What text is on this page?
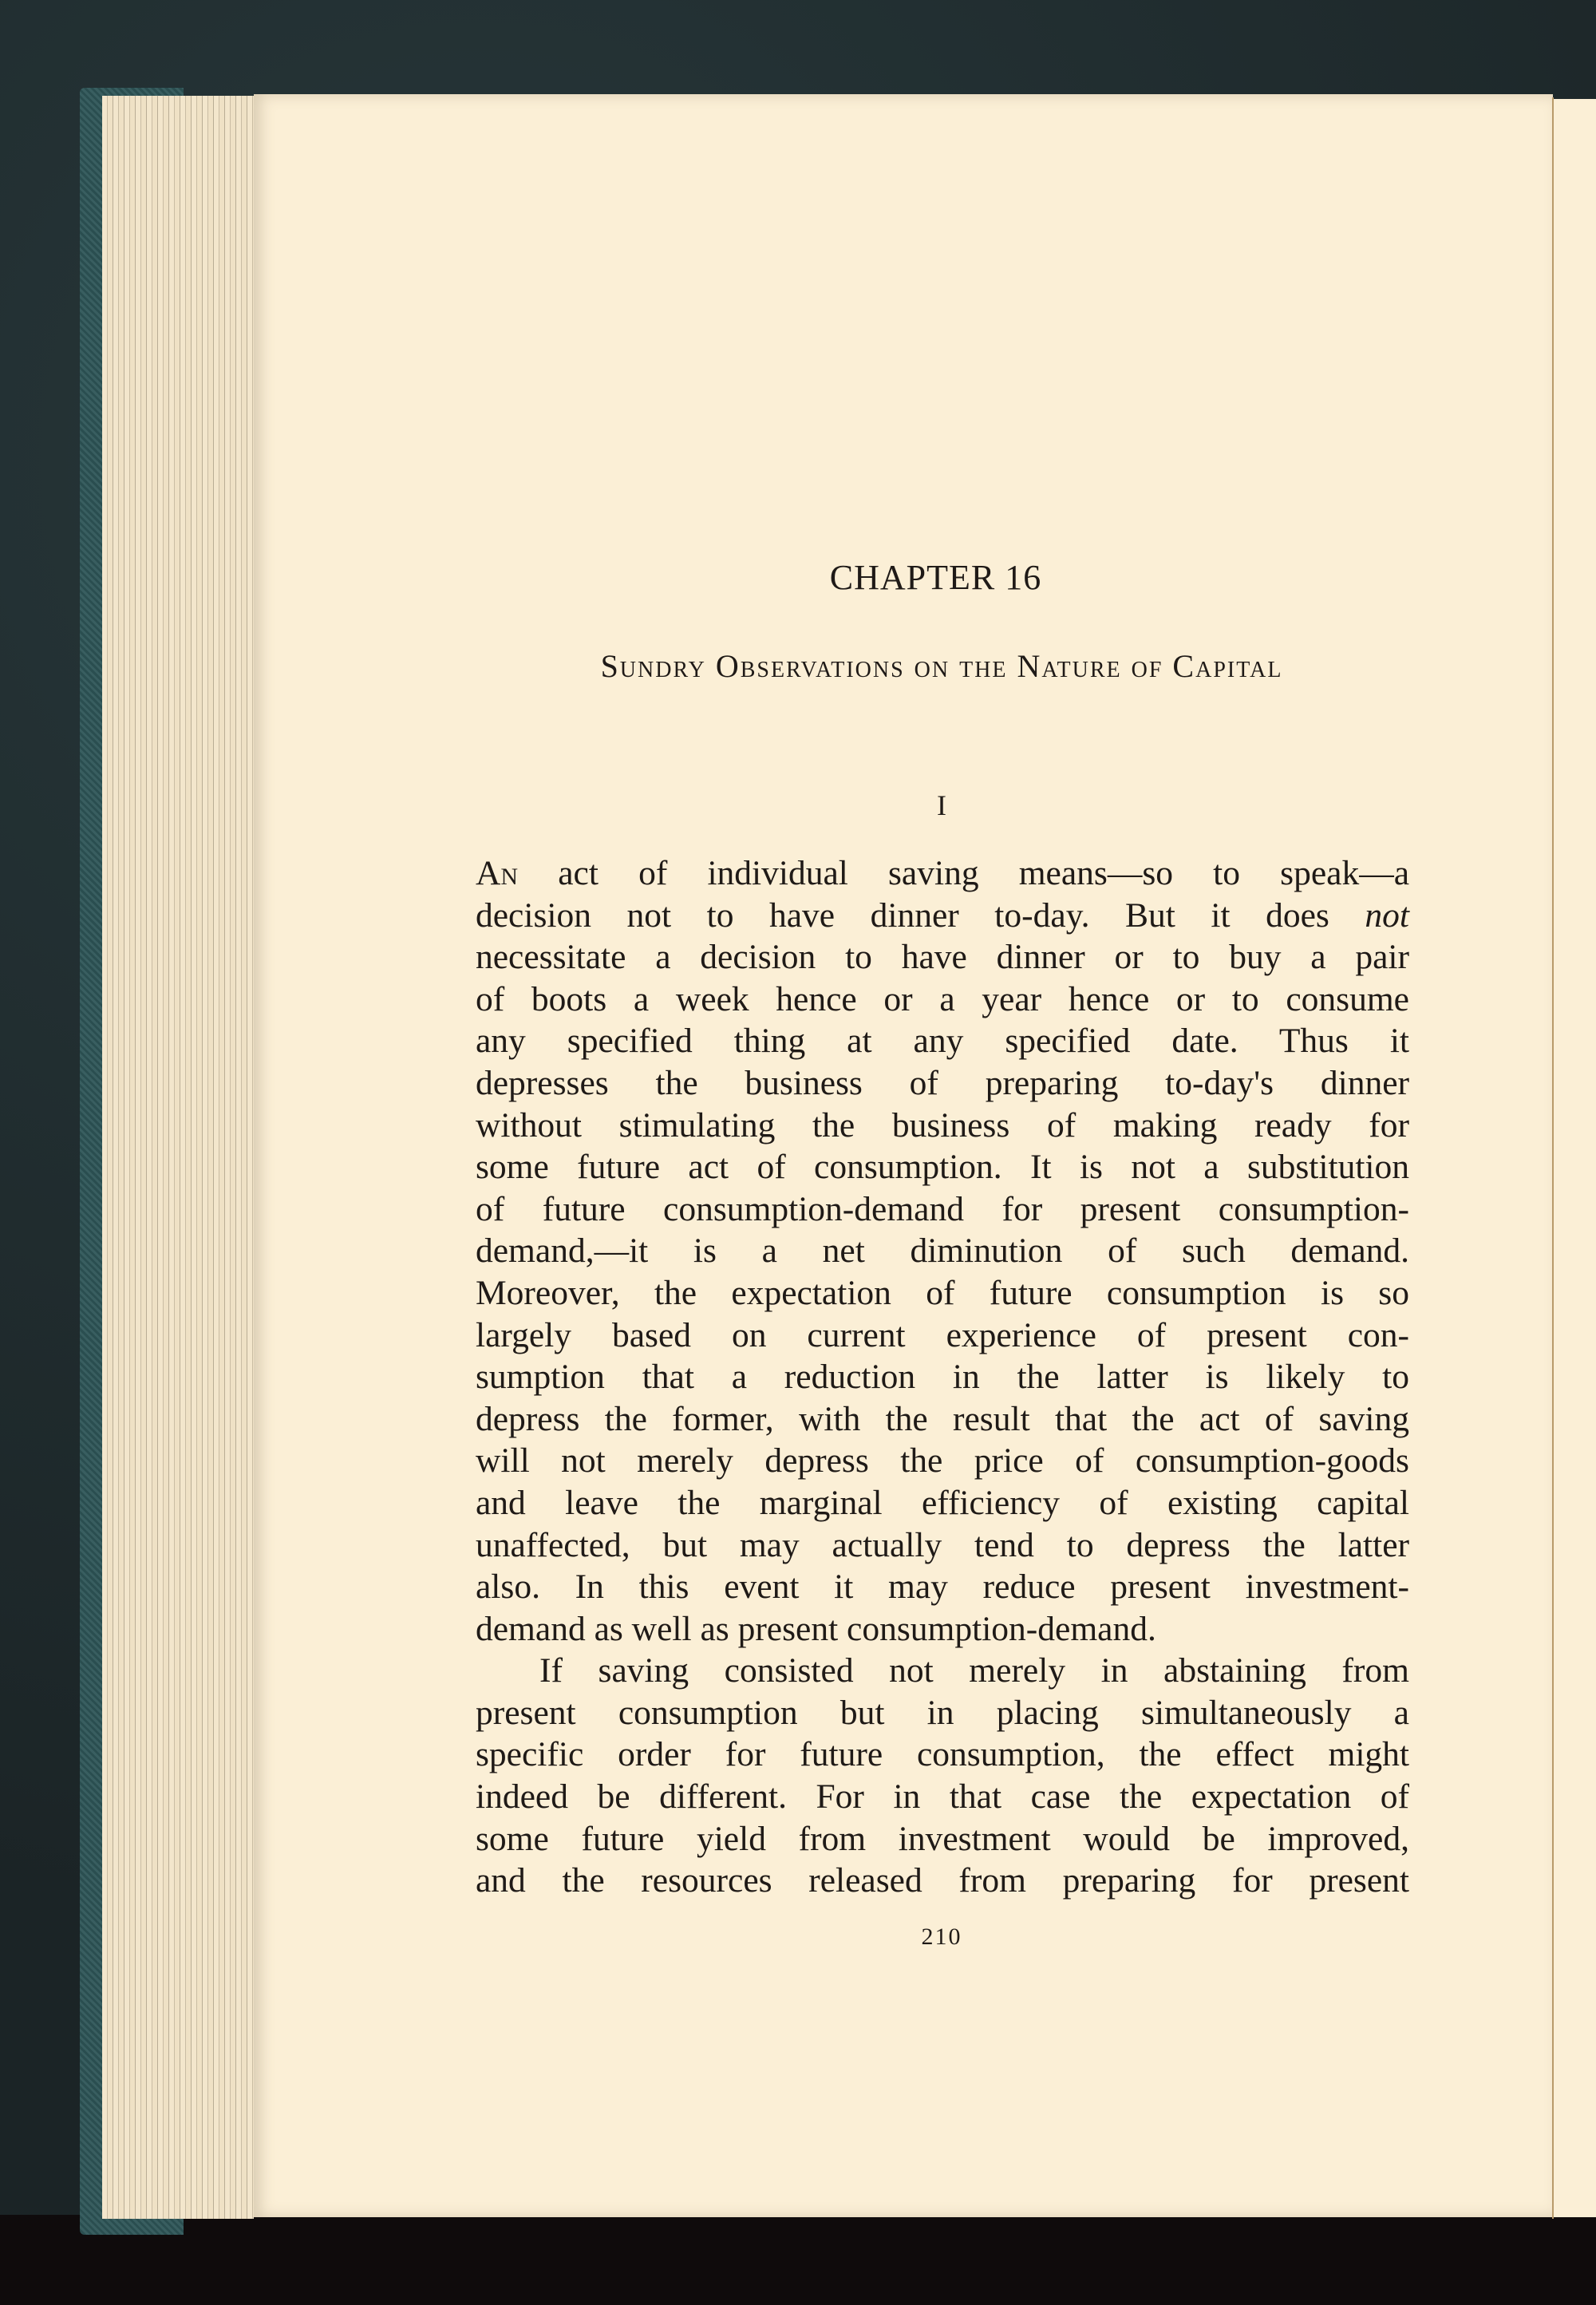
CHAPTER 16
Sundry Observations on the Nature of Capital
I
An act of individual saving means—so to speak—a
decision not to have dinner to-day. But it does not
necessitate a decision to have dinner or to buy a pair
of boots a week hence or a year hence or to consume
any specified thing at any specified date. Thus it
depresses the business of preparing to-day's dinner
without stimulating the business of making ready for
some future act of consumption. It is not a substitution
of future consumption-demand for present consumption-
demand,—it is a net diminution of such demand.
Moreover, the expectation of future consumption is so
largely based on current experience of present con-
sumption that a reduction in the latter is likely to
depress the former, with the result that the act of saving
will not merely depress the price of consumption-goods
and leave the marginal efficiency of existing capital
unaffected, but may actually tend to depress the latter
also. In this event it may reduce present investment-
demand as well as present consumption-demand.
If saving consisted not merely in abstaining from
present consumption but in placing simultaneously a
specific order for future consumption, the effect might
indeed be different. For in that case the expectation of
some future yield from investment would be improved,
and the resources released from preparing for present
210
